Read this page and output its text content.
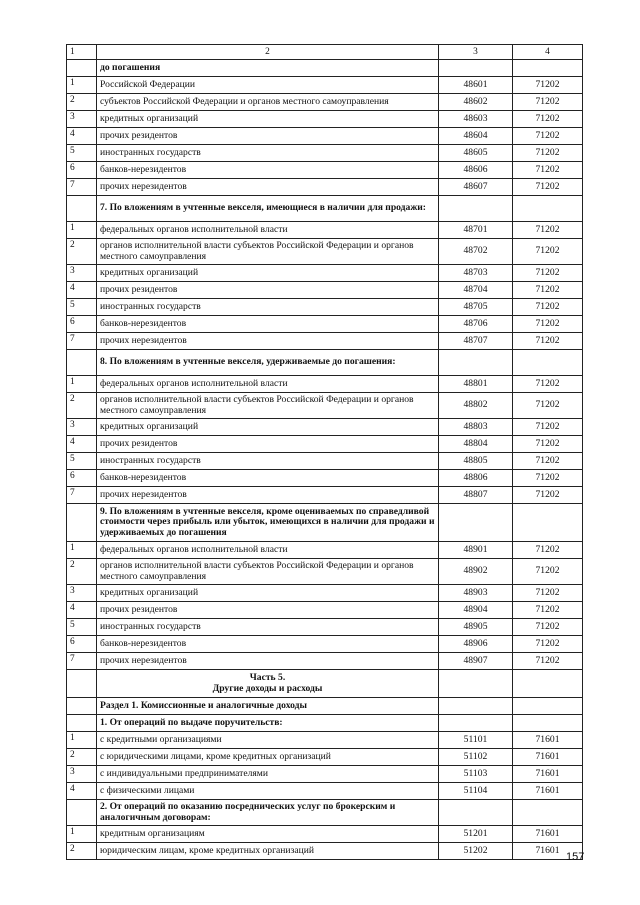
1	2	3	4
	до погашения		
1	Российской Федерации	48601	71202
2	субъектов Российской Федерации и органов местного самоуправления	48602	71202
3	кредитных организаций	48603	71202
4	прочих резидентов	48604	71202
5	иностранных государств	48605	71202
6	банков-нерезидентов	48606	71202
7	прочих нерезидентов	48607	71202
	7. По вложениям в учтенные векселя, имеющиеся в наличии для продажи:		
1	федеральных органов исполнительной власти	48701	71202
2	органов исполнительной власти субъектов Российской Федерации и органов местного самоуправления	48702	71202
3	кредитных организаций	48703	71202
4	прочих резидентов	48704	71202
5	иностранных государств	48705	71202
6	банков-нерезидентов	48706	71202
7	прочих нерезидентов	48707	71202
	8. По вложениям в учтенные векселя, удерживаемые до погашения:		
1	федеральных органов исполнительной власти	48801	71202
2	органов исполнительной власти субъектов Российской Федерации и органов местного самоуправления	48802	71202
3	кредитных организаций	48803	71202
4	прочих резидентов	48804	71202
5	иностранных государств	48805	71202
6	банков-нерезидентов	48806	71202
7	прочих нерезидентов	48807	71202
	9. По вложениям в учтенные векселя, кроме оцениваемых по справедливой стоимости через прибыль или убыток, имеющихся в наличии для продажи и удерживаемых до погашения		
1	федеральных органов исполнительной власти	48901	71202
2	органов исполнительной власти субъектов Российской Федерации и органов местного самоуправления	48902	71202
3	кредитных организаций	48903	71202
4	прочих резидентов	48904	71202
5	иностранных государств	48905	71202
6	банков-нерезидентов	48906	71202
7	прочих нерезидентов	48907	71202

	Часть 5.
Другие доходы и расходы		

	Раздел 1. Комиссионные и аналогичные доходы		
	1. От операций по выдаче поручительств:		
1	с кредитными организациями	51101	71601
2	с юридическими лицами, кроме кредитных организаций	51102	71601
3	с индивидуальными предпринимателями	51103	71601
4	с физическими лицами	51104	71601
	2. От операций по оказанию посреднических услуг по брокерским и аналогичным договорам:		
1	кредитным организациям	51201	71601
2	юридическим лицам, кроме кредитных организаций	51202	71601
157
